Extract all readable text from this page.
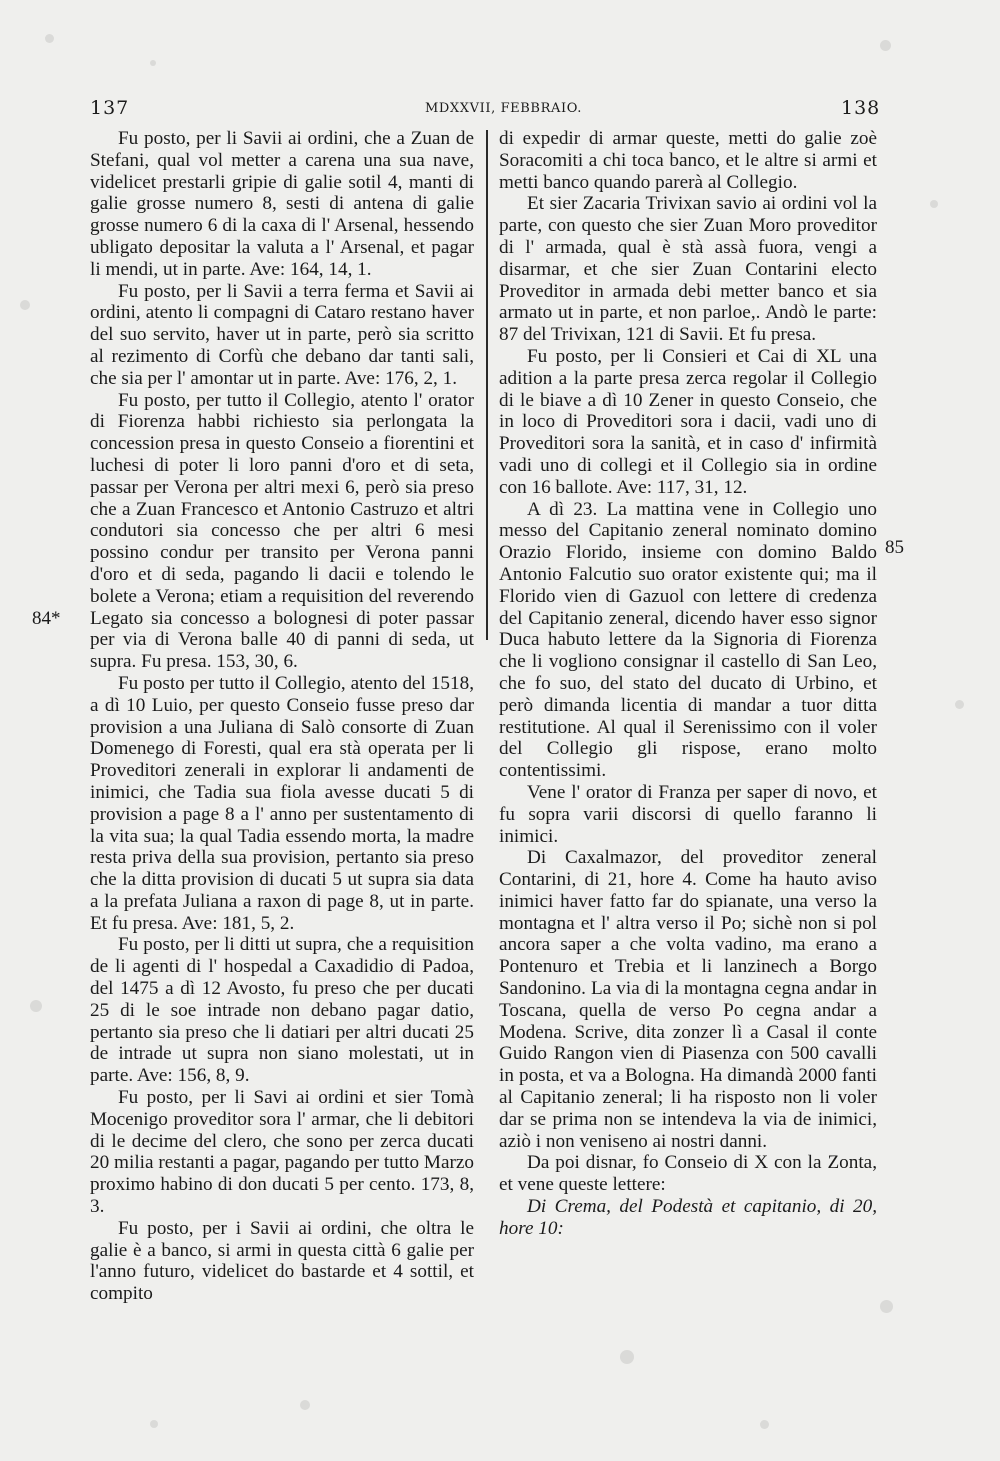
137	MDXXVII, FEBBRAIO.	138

Fu posto, per li Savii ai ordini, che a Zuan de Stefani, qual vol metter a carena una sua nave, videlicet prestarli gripie di galie sotil 4, manti di galie grosse numero 8, sesti di antena di galie grosse numero 6 di la caxa di l' Arsenal, hessendo ubligato depositar la valuta a l' Arsenal, et pagar li mendi, ut in parte. Ave: 164, 14, 1.

Fu posto, per li Savii a terra ferma et Savii ai ordini, atento li compagni di Cataro restano haver del suo servito, haver ut in parte, però sia scritto al rezimento di Corfù che debano dar tanti sali, che sia per l' amontar ut in parte. Ave: 176, 2, 1.

Fu posto, per tutto il Collegio, atento l' orator di Fiorenza habbi richiesto sia perlongata la concession presa in questo Conseio a fiorentini et luchesi di poter li loro panni d'oro et di seta, passar per Verona per altri mexi 6, però sia preso che a Zuan Francesco et Antonio Castruzo et altri condutori sia concesso che per altri 6 mesi possino condur per transito per Verona panni d'oro et di seda, pagando li dacii e tolendo le bolete a Verona; etiam a requisition del reverendo Legato sia concesso a bolognesi di poter passar per via di Verona balle 40 di panni di seda, ut supra. Fu presa. 153, 30, 6.

Fu posto per tutto il Collegio, atento del 1518, a dì 10 Luio, per questo Conseio fusse preso dar provision a una Juliana di Salò consorte di Zuan Domenego di Foresti, qual era stà operata per li Proveditori zenerali in explorar li andamenti de inimici, che Tadia sua fiola avesse ducati 5 di provision a page 8 a l' anno per sustentamento di la vita sua; la qual Tadia essendo morta, la madre resta priva della sua provision, pertanto sia preso che la ditta provision di ducati 5 ut supra sia data a la prefata Juliana a raxon di page 8, ut in parte. Et fu presa. Ave: 181, 5, 2.

Fu posto, per li ditti ut supra, che a requisition de li agenti di l' hospedal a Caxadidio di Padoa, del 1475 a dì 12 Avosto, fu preso che per ducati 25 di le soe intrade non debano pagar datio, pertanto sia preso che li datiari per altri ducati 25 de intrade ut supra non siano molestati, ut in parte. Ave: 156, 8, 9.

Fu posto, per li Savi ai ordini et sier Tomà Mocenigo proveditor sora l' armar, che li debitori di le decime del clero, che sono per zerca ducati 20 milia restanti a pagar, pagando per tutto Marzo proximo habino di don ducati 5 per cento. 173, 8, 3.

Fu posto, per i Savii ai ordini, che oltra le galie è a banco, si armi in questa città 6 galie per l'anno futuro, videlicet do bastarde et 4 sottil, et compito

di expedir di armar queste, metti do galie zoè Soracomiti a chi toca banco, et le altre si armi et metti banco quando parerà al Collegio.

Et sier Zacaria Trivixan savio ai ordini vol la parte, con questo che sier Zuan Moro proveditor di l' armada, qual è stà assà fuora, vengi a disarmar, et che sier Zuan Contarini electo Proveditor in armada debi metter banco et sia armato ut in parte, et non parloe,. Andò le parte: 87 del Trivixan, 121 di Savii. Et fu presa.

Fu posto, per li Consieri et Cai di XL una adition a la parte presa zerca regolar il Collegio di le biave a dì 10 Zener in questo Conseio, che in loco di Proveditori sora i dacii, vadi uno di Proveditori sora la sanità, et in caso d' infirmità vadi uno di collegi et il Collegio sia in ordine con 16 ballote. Ave: 117, 31, 12.

A dì 23. La mattina vene in Collegio uno messo del Capitanio zeneral nominato domino Orazio Florido, insieme con domino Baldo Antonio Falcutio suo orator existente qui; ma il Florido vien di Gazuol con lettere di credenza del Capitanio zeneral, dicendo haver esso signor Duca habuto lettere da la Signoria di Fiorenza che li vogliono consignar il castello di San Leo, che fo suo, del stato del ducato di Urbino, et però dimanda licentia di mandar a tuor ditta restitutione. Al qual il Serenissimo con il voler del Collegio gli rispose, erano molto contentissimi.

Vene l' orator di Franza per saper di novo, et fu sopra varii discorsi di quello faranno li inimici.

Di Caxalmazor, del proveditor zeneral Contarini, di 21, hore 4. Come ha hauto aviso inimici haver fatto far do spianate, una verso la montagna et l' altra verso il Po; sichè non si pol ancora saper a che volta vadino, ma erano a Pontenuro et Trebia et li lanzinech a Borgo Sandonino. La via di la montagna cegna andar in Toscana, quella de verso Po cegna andar a Modena. Scrive, dita zonzer lì a Casal il conte Guido Rangon vien di Piasenza con 500 cavalli in posta, et va a Bologna. Ha dimandà 2000 fanti al Capitanio zeneral; li ha risposto non li voler dar se prima non se intendeva la via de inimici, aziò i non veniseno ai nostri danni.

Da poi disnar, fo Conseio di X con la Zonta, et vene queste lettere:

Di Crema, del Podestà et capitanio, di 20, hore 10:

84*
85
